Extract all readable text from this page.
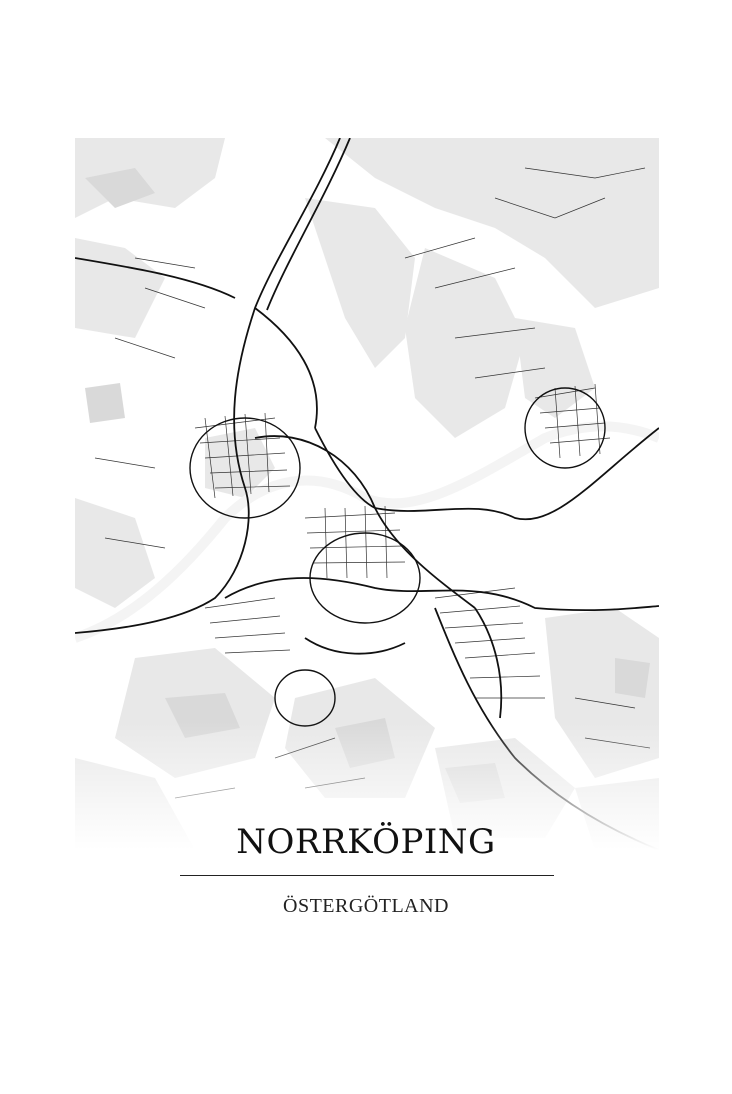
NORRKÖPING
ÖSTERGÖTLAND
